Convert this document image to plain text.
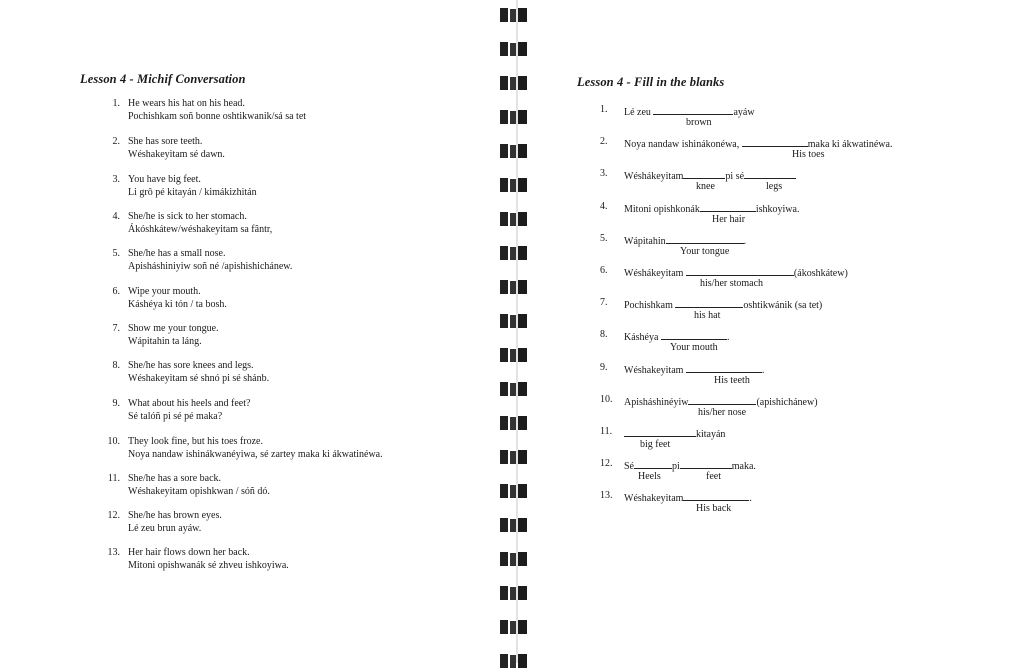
Lesson 4 - Michif Conversation
1. He wears his hat on his head.
Pochishkam soñ bonne oshtikwanik/sá sa tet
2. She has sore teeth.
Wéshakeyitam sé dawn.
3. You have big feet.
Li grô pé kitayán / kimákizhitán
4. She/he is sick to her stomach.
Ákóshkátew/wéshakeyitam sa fântr,
5. She/he has a small nose.
Apisháshiniyiw soñ né /apishishichánew.
6. Wipe your mouth.
Káshéya ki tón / ta bosh.
7. Show me your tongue.
Wápitahin ta láng.
8. She/he has sore knees and legs.
Wéshakeyitam sé shnó pi sé shánb.
9. What about his heels and feet?
Sé talóñ pi sé pé maka?
10. They look fine, but his toes froze.
Noya nandaw ishinákwanéyiwa, sé zartey maka ki ákwatinéwa.
11. She/he has a sore back.
Wéshakeyitam opishkwan / sóñ dó.
12. She/he has brown eyes.
Lé zeu brun ayáw.
13. Her hair flows down her back.
Mitoni opishwanák sé zhveu ishkoyiwa.
Lesson 4 - Fill in the blanks
1. Lé zeu	ayáw
brown
2. Noya nandaw ishinákonéwa,	maka ki ákwatinéwa.
His toes
3. Wéshákeyitam	pi sé
knee	legs
4. Mitoni opishkonák	ishkoyiwa.
Her hair
5. Wápitahin	.
Your tongue
6. Wéshákeyitam	(ákoshkátew)
his/her stomach
7. Pochishkam	oshtikwánik (sa tet)
his hat
8. Káshéya	.
Your mouth
9. Wéshakeyitam	.
His teeth
10. Apisháshinéyiw	(apishichánew)
his/her nose
11.	kitayán
big feet
12. Sé	pi	maka.
Heels	feet
13. Wéshakeyitam	.
His back
